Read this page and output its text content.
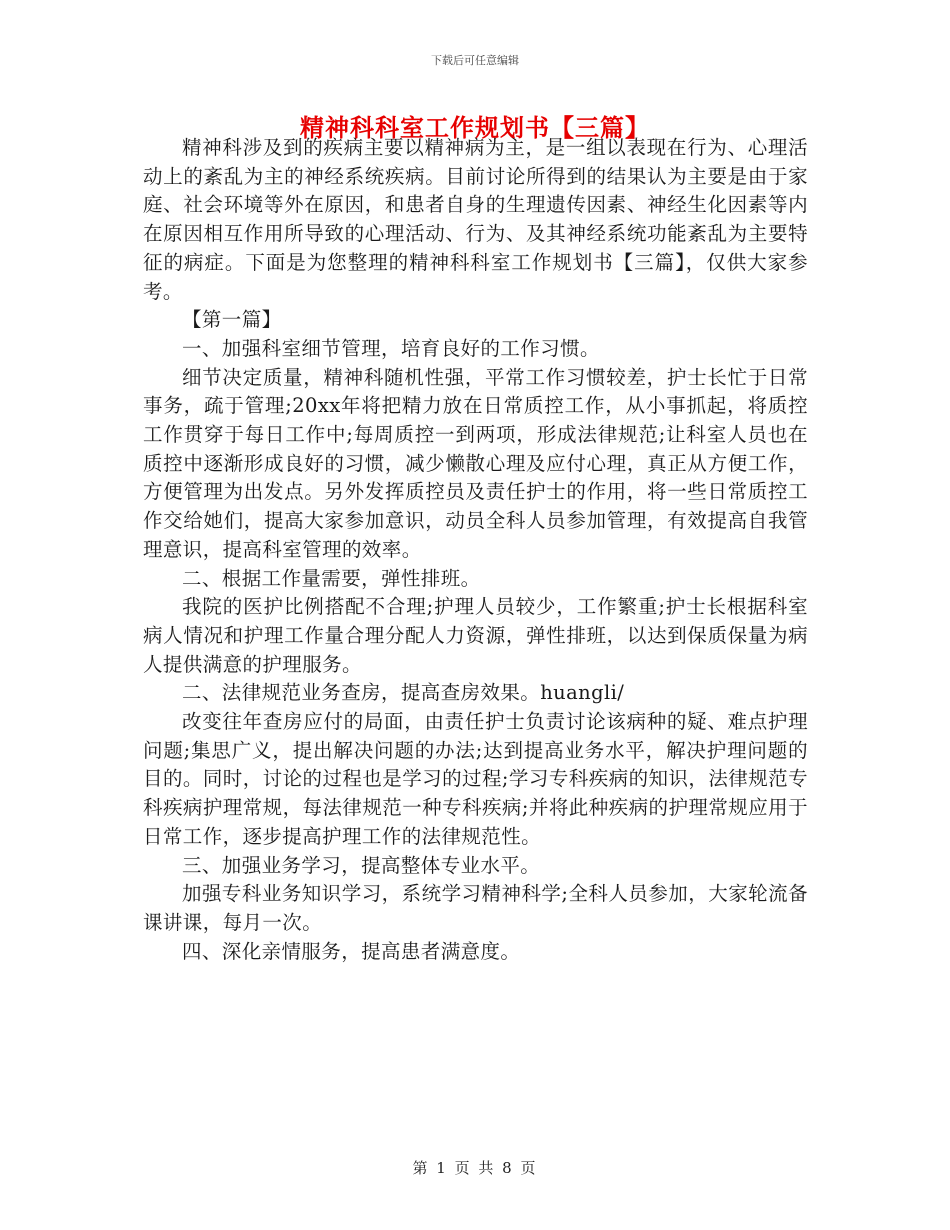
下载后可任意编辑
精神科科室工作规划书【三篇】

精神科涉及到的疾病主要以精神病为主，是一组以表现在行为、心理活动上的紊乱为主的神经系统疾病。目前讨论所得到的结果认为主要是由于家庭、社会环境等外在原因，和患者自身的生理遗传因素、神经生化因素等内在原因相互作用所导致的心理活动、行为、及其神经系统功能紊乱为主要特征的病症。下面是为您整理的精神科科室工作规划书【三篇】，仅供大家参考。

【第一篇】

一、加强科室细节管理，培育良好的工作习惯。

细节决定质量，精神科随机性强，平常工作习惯较差，护士长忙于日常事务，疏于管理;20xx年将把精力放在日常质控工作，从小事抓起，将质控工作贯穿于每日工作中;每周质控一到两项，形成法律规范;让科室人员也在质控中逐渐形成良好的习惯，减少懒散心理及应付心理，真正从方便工作，方便管理为出发点。另外发挥质控员及责任护士的作用，将一些日常质控工作交给她们，提高大家参加意识，动员全科人员参加管理，有效提高自我管理意识，提高科室管理的效率。

二、根据工作量需要，弹性排班。

我院的医护比例搭配不合理;护理人员较少，工作繁重;护士长根据科室病人情况和护理工作量合理分配人力资源，弹性排班，以达到保质保量为病人提供满意的护理服务。

二、法律规范业务查房，提高查房效果。huangli/

改变往年查房应付的局面，由责任护士负责讨论该病种的疑、难点护理问题;集思广义，提出解决问题的办法;达到提高业务水平，解决护理问题的目的。同时，讨论的过程也是学习的过程;学习专科疾病的知识，法律规范专科疾病护理常规，每法律规范一种专科疾病;并将此种疾病的护理常规应用于日常工作，逐步提高护理工作的法律规范性。

三、加强业务学习，提高整体专业水平。

加强专科业务知识学习，系统学习精神科学;全科人员参加，大家轮流备课讲课，每月一次。

四、深化亲情服务，提高患者满意度。

第 1 页 共 8 页
